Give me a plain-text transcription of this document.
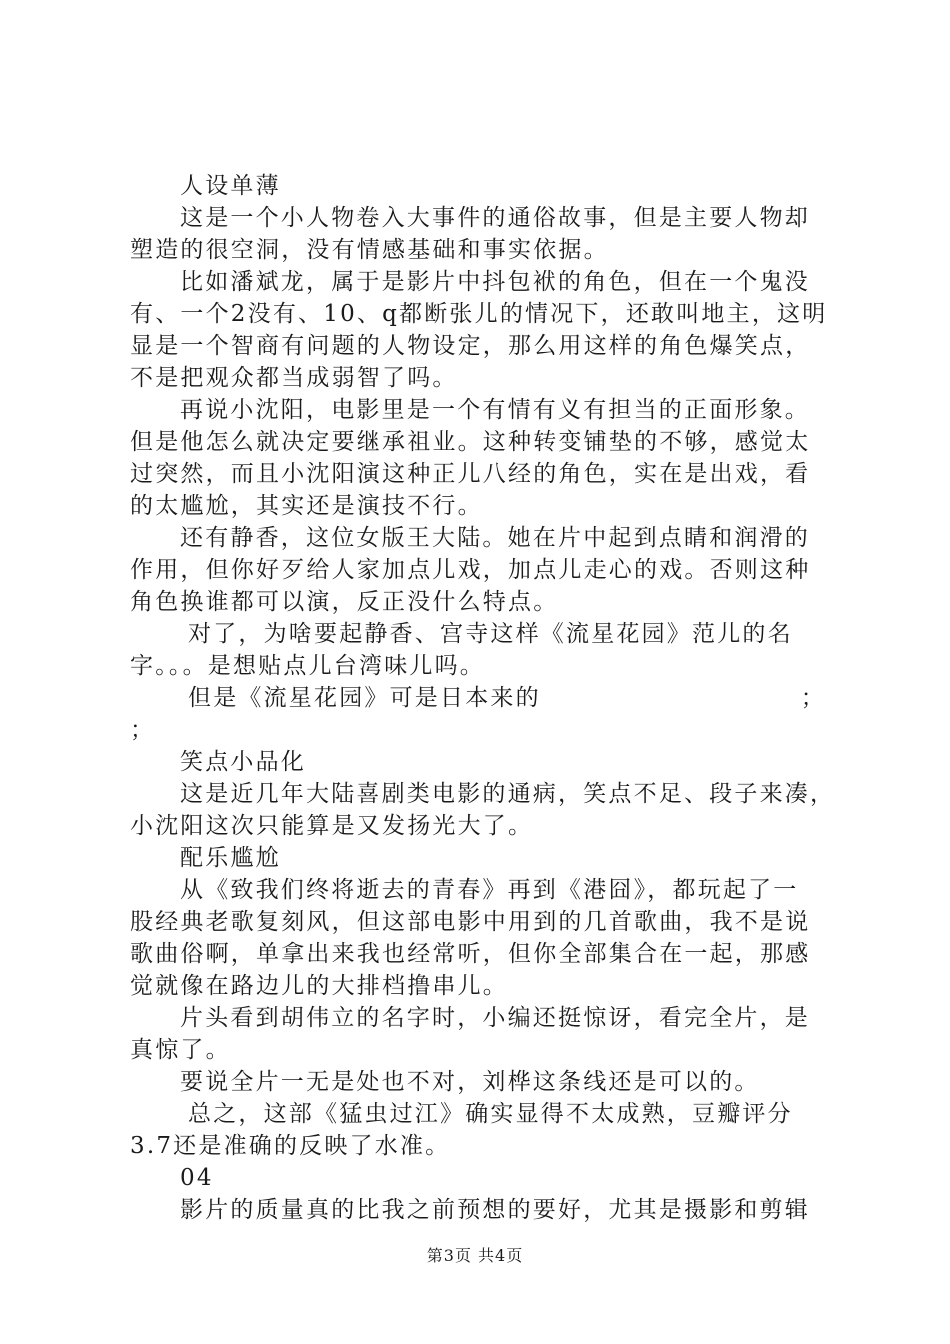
人设单薄
这是一个小人物卷入大事件的通俗故事，但是主要人物却
塑造的很空洞，没有情感基础和事实依据。
比如潘斌龙，属于是影片中抖包袱的角色，但在一个鬼没
有、一个2没有、10、q都断张儿的情况下，还敢叫地主，这明
显是一个智商有问题的人物设定，那么用这样的角色爆笑点，
不是把观众都当成弱智了吗。
再说小沈阳，电影里是一个有情有义有担当的正面形象。
但是他怎么就决定要继承祖业。这种转变铺垫的不够，感觉太
过突然，而且小沈阳演这种正儿八经的角色，实在是出戏，看
的太尴尬，其实还是演技不行。
还有静香，这位女版王大陆。她在片中起到点睛和润滑的
作用，但你好歹给人家加点儿戏，加点儿走心的戏。否则这种
角色换谁都可以演，反正没什么特点。
对了，为啥要起静香、宫寺这样《流星花园》范儿的名
字。。。是想贴点儿台湾味儿吗。
但是《流星花园》可是日本来的	；
；
笑点小品化
这是近几年大陆喜剧类电影的通病，笑点不足、段子来凑，
小沈阳这次只能算是又发扬光大了。
配乐尴尬
从《致我们终将逝去的青春》再到《港囧》，都玩起了一
股经典老歌复刻风，但这部电影中用到的几首歌曲，我不是说
歌曲俗啊，单拿出来我也经常听，但你全部集合在一起，那感
觉就像在路边儿的大排档撸串儿。
片头看到胡伟立的名字时，小编还挺惊讶，看完全片，是
真惊了。
要说全片一无是处也不对，刘桦这条线还是可以的。
总之，这部《猛虫过江》确实显得不太成熟，豆瓣评分
3.7还是准确的反映了水准。
04
影片的质量真的比我之前预想的要好，尤其是摄影和剪辑
第3页 共4页
